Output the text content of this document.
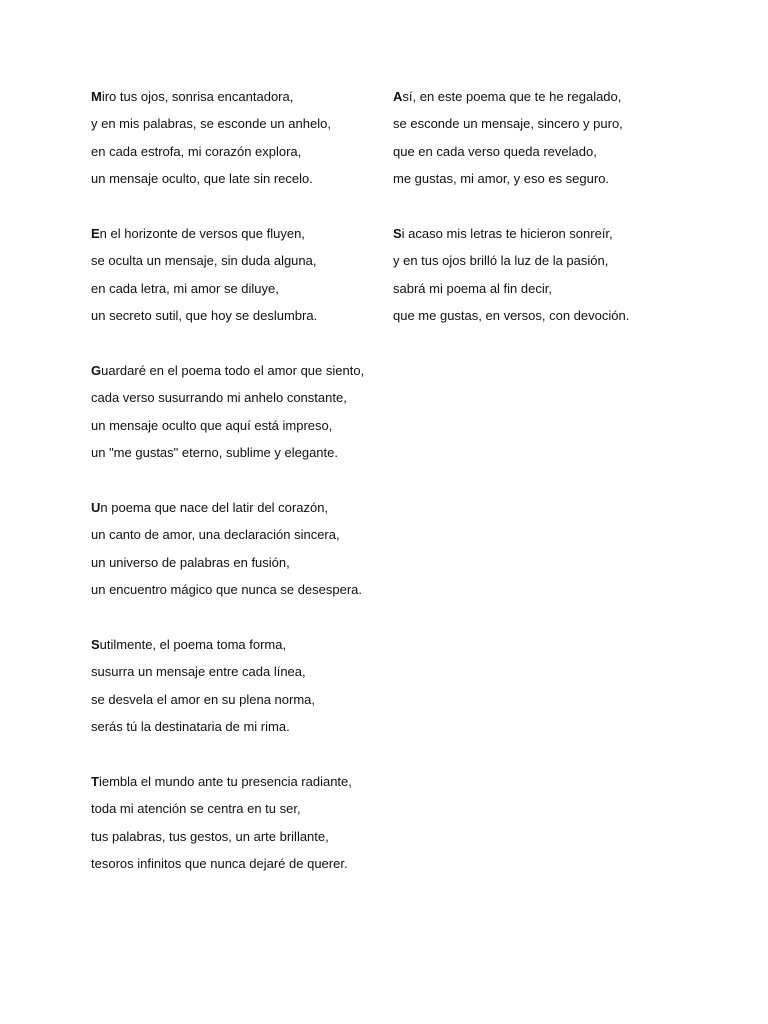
Miro tus ojos, sonrisa encantadora,
y en mis palabras, se esconde un anhelo,
en cada estrofa, mi corazón explora,
un mensaje oculto, que late sin recelo.
En el horizonte de versos que fluyen,
se oculta un mensaje, sin duda alguna,
en cada letra, mi amor se diluye,
un secreto sutil, que hoy se deslumbra.
Guardaré en el poema todo el amor que siento,
cada verso susurrando mi anhelo constante,
un mensaje oculto que aquí está impreso,
un "me gustas" eterno, sublime y elegante.
Un poema que nace del latir del corazón,
un canto de amor, una declaración sincera,
un universo de palabras en fusión,
un encuentro mágico que nunca se desespera.
Sutilmente, el poema toma forma,
susurra un mensaje entre cada línea,
se desvela el amor en su plena norma,
serás tú la destinataria de mi rima.
Tiembla el mundo ante tu presencia radiante,
toda mi atención se centra en tu ser,
tus palabras, tus gestos, un arte brillante,
tesoros infinitos que nunca dejaré de querer.
Así, en este poema que te he regalado,
se esconde un mensaje, sincero y puro,
que en cada verso queda revelado,
me gustas, mi amor, y eso es seguro.
Si acaso mis letras te hicieron sonreír,
y en tus ojos brilló la luz de la pasión,
sabrá mi poema al fin decir,
que me gustas, en versos, con devoción.
